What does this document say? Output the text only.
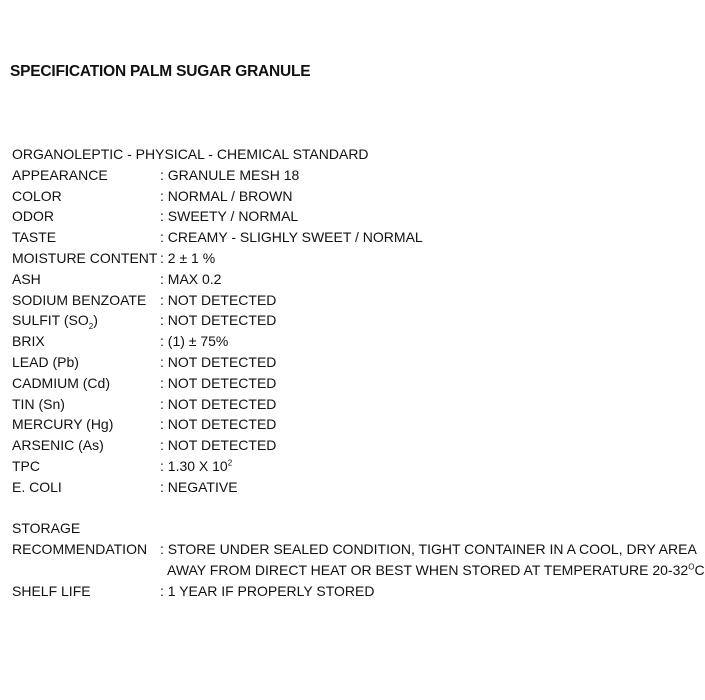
SPECIFICATION PALM SUGAR GRANULE
ORGANOLEPTIC - PHYSICAL - CHEMICAL STANDARD
APPEARANCE	: GRANULE MESH 18
COLOR	: NORMAL / BROWN
ODOR	: SWEETY / NORMAL
TASTE	: CREAMY - SLIGHLY SWEET / NORMAL
MOISTURE CONTENT : 2 ± 1 %
ASH	: MAX 0.2
SODIUM BENZOATE : NOT DETECTED
SULFIT $(SO_2)$	: NOT DETECTED
BRIX	: (1) ± 75%
LEAD (Pb)	: NOT DETECTED
CADMIUM (Cd)	: NOT DETECTED
TIN (Sn)	: NOT DETECTED
MERCURY (Hg)	: NOT DETECTED
ARSENIC (As)	: NOT DETECTED
TPC	: 1.30 X $10^2$
E. COLI	: NEGATIVE
STORAGE
RECOMMENDATION : STORE UNDER SEALED CONDITION, TIGHT CONTAINER IN A COOL, DRY AREA
AWAY FROM DIRECT HEAT OR BEST WHEN STORED AT TEMPERATURE $20-32^OC$
SHELF LIFE	: 1 YEAR IF PROPERLY STORED
